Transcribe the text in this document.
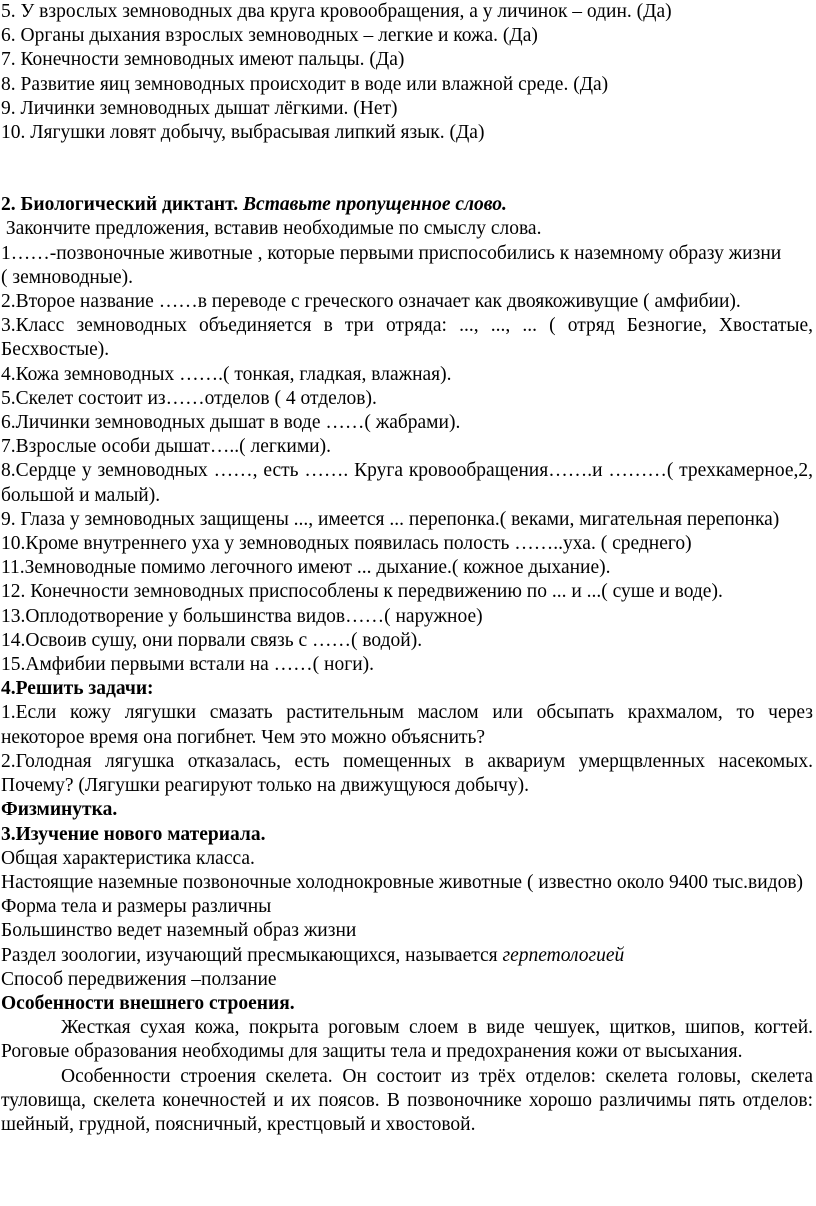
5. У взрослых земноводных два круга кровообращения, а у личинок – один. (Да)
6. Органы дыхания взрослых земноводных – легкие и кожа. (Да)
7. Конечности земноводных имеют пальцы. (Да)
8. Развитие яиц земноводных происходит в воде или влажной среде. (Да)
9. Личинки земноводных дышат лёгкими. (Нет)
10. Лягушки ловят добычу, выбрасывая липкий язык. (Да)

2. Биологический диктант. Вставьте пропущенное слово.

Закончите предложения, вставив необходимые по смыслу слова.

1……-позвоночные животные , которые первыми приспособились к наземному образу жизни

( земноводные).

2.Второе название ……в переводе с греческого означает как двоякоживущие ( амфибии).

3.Класс земноводных объединяется в три отряда: ..., ..., ... ( отряд Безногие, Хвостатые, Бесхвостые).

4.Кожа земноводных …….( тонкая, гладкая, влажная).

5.Скелет состоит из……отделов ( 4 отделов).

6.Личинки земноводных дышат в воде ……( жабрами).

7.Взрослые особи дышат…..( легкими).

8.Сердце у земноводных ……, есть ……. Круга кровообращения…….и ………( трехкамерное,2, большой и малый).

9. Глаза у земноводных защищены ..., имеется ... перепонка.( веками, мигательная перепонка)

10.Кроме внутреннего уха у земноводных появилась полость ……..уха. ( среднего)

11.Земноводные помимо легочного имеют ... дыхание.( кожное дыхание).

12. Конечности земноводных приспособлены к передвижению по ... и ...( суше и воде).

13.Оплодотворение у большинства видов……( наружное)

14.Освоив сушу, они порвали связь с ……( водой).

15.Амфибии первыми встали на ……( ноги).

4.Решить задачи:

1.Если кожу лягушки смазать растительным маслом или обсыпать крахмалом, то через некоторое время она погибнет. Чем это можно объяснить?

2.Голодная лягушка отказалась, есть помещенных в аквариум умерщвленных насекомых. Почему? (Лягушки реагируют только на движущуюся добычу).

Физминутка.

3.Изучение нового материала.

Общая характеристика класса.

Настоящие наземные позвоночные холоднокровные животные ( известно около 9400 тыс.видов)

Форма тела и размеры различны

Большинство ведет наземный образ жизни

Раздел зоологии, изучающий пресмыкающихся, называется герпетологией

Способ передвижения –ползание

Особенности внешнего строения.

Жесткая сухая кожа, покрыта роговым слоем в виде чешуек, щитков, шипов, когтей. Роговые образования необходимы для защиты тела и предохранения кожи от высыхания.

Особенности строения скелета. Он состоит из трёх отделов: скелета головы, скелета туловища, скелета конечностей и их поясов. В позвоночнике хорошо различимы пять отделов: шейный, грудной, поясничный, крестцовый и хвостовой.
